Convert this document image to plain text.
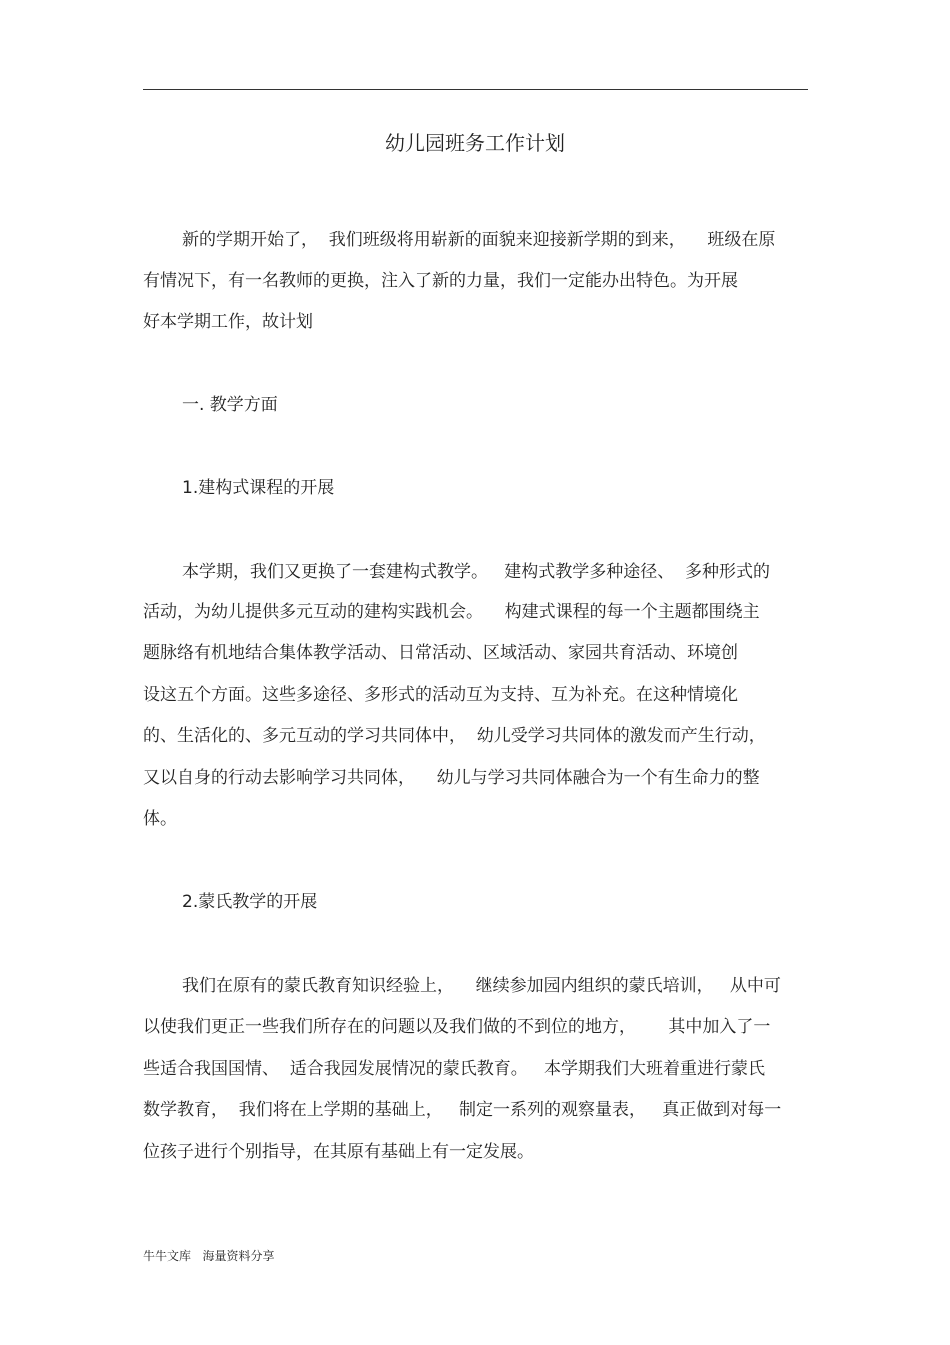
幼儿园班务工作计划
新的学期开始了，  我们班级将用崭新的面貌来迎接新学期的到来，    班级在原
有情况下，有一名教师的更换，注入了新的力量，我们一定能办出特色。为开展
好本学期工作，故计划
一. 教学方面
1.建构式课程的开展
本学期，我们又更换了一套建构式教学。   建构式教学多种途径、  多种形式的
活动，为幼儿提供多元互动的建构实践机会。    构建式课程的每一个主题都围绕主
题脉络有机地结合集体教学活动、日常活动、区域活动、家园共育活动、环境创
设这五个方面。这些多途径、多形式的活动互为支持、互为补充。在这种情境化
的、生活化的、多元互动的学习共同体中，  幼儿受学习共同体的激发而产生行动，
又以自身的行动去影响学习共同体，    幼儿与学习共同体融合为一个有生命力的整
体。
2.蒙氏教学的开展
我们在原有的蒙氏教育知识经验上，    继续参加园内组织的蒙氏培训，   从中可
以使我们更正一些我们所存在的问题以及我们做的不到位的地方，      其中加入了一
些适合我国国情、  适合我园发展情况的蒙氏教育。   本学期我们大班着重进行蒙氏
数学教育，  我们将在上学期的基础上，   制定一系列的观察量表，   真正做到对每一
位孩子进行个别指导，在其原有基础上有一定发展。
牛牛文库   海量资料分享
